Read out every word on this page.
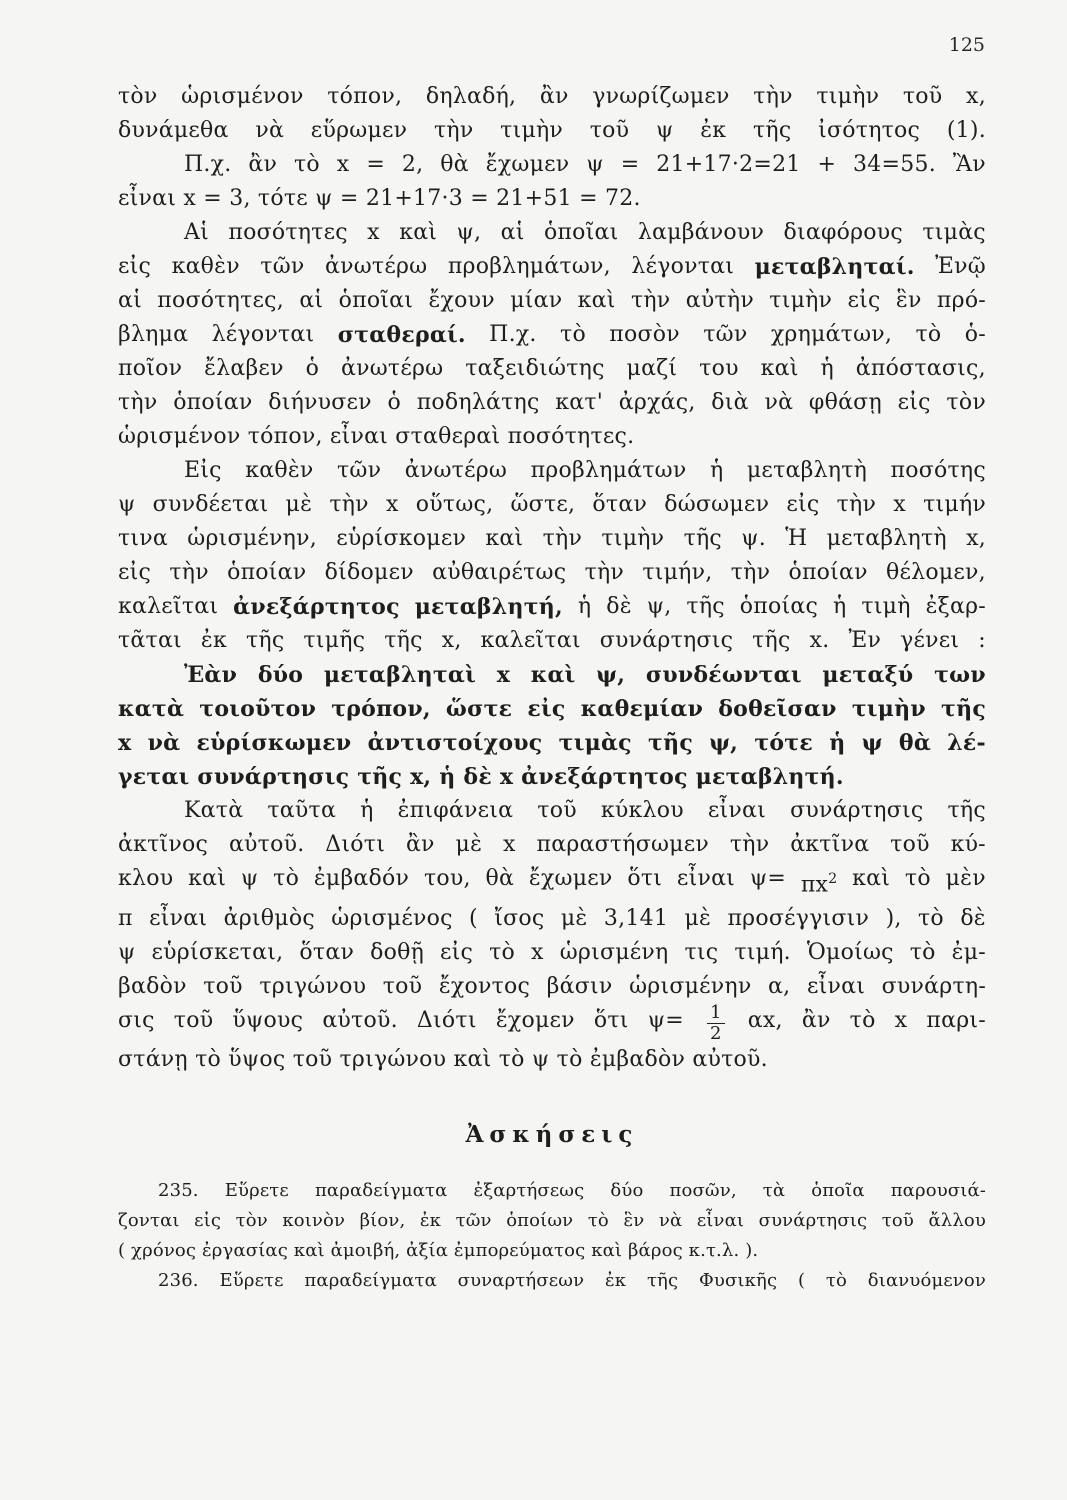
125
τὸν ὡρισμένον τόπον, δηλαδή, ἂν γνωρίζωμεν τὴν τιμὴν τοῦ x,
δυνάμεθα νὰ εὕρωμεν τὴν τιμὴν τοῦ ψ ἐκ τῆς ἰσότητος (1).
Π.χ. ἂν τὸ x = 2, θὰ ἔχωμεν ψ = 21+17·2=21 + 34=55. Ἂν
εἶναι x = 3, τότε ψ = 21+17·3 = 21+51 = 72.
Αἱ ποσότητες x καὶ ψ, αἱ ὁποῖαι λαμβάνουν διαφόρους τιμὰς
εἰς καθὲν τῶν ἀνωτέρω προβλημάτων, λέγονται μεταβληταί. Ἐνῷ
αἱ ποσότητες, αἱ ὁποῖαι ἔχουν μίαν καὶ τὴν αὐτὴν τιμὴν εἰς ἓν πρό-
βλημα λέγονται σταθεραί. Π.χ. τὸ ποσὸν τῶν χρημάτων, τὸ ὁ-
ποῖον ἔλαβεν ὁ ἀνωτέρω ταξειδιώτης μαζί του καὶ ἡ ἀπόστασις,
τὴν ὁποίαν διήνυσεν ὁ ποδηλάτης κατ' ἀρχάς, διὰ νὰ φθάσῃ εἰς τὸν
ὡρισμένον τόπον, εἶναι σταθεραὶ ποσότητες.
Εἰς καθὲν τῶν ἀνωτέρω προβλημάτων ἡ μεταβλητὴ ποσότης
ψ συνδέεται μὲ τὴν x οὕτως, ὥστε, ὅταν δώσωμεν εἰς τὴν x τιμήν
τινα ὡρισμένην, εὑρίσκομεν καὶ τὴν τιμὴν τῆς ψ. Ἡ μεταβλητὴ x,
εἰς τὴν ὁποίαν δίδομεν αὐθαιρέτως τὴν τιμήν, τὴν ὁποίαν θέλομεν,
καλεῖται ἀνεξάρτητος μεταβλητή, ἡ δὲ ψ, τῆς ὁποίας ἡ τιμὴ ἐξαρ-
τᾶται ἐκ τῆς τιμῆς τῆς x, καλεῖται συνάρτησις τῆς x. Ἐν γένει :
Ἐὰν δύο μεταβληταὶ x καὶ ψ, συνδέωνται μεταξύ των
κατὰ τοιοῦτον τρόπον, ὥστε εἰς καθεμίαν δοθεῖσαν τιμὴν τῆς
x νὰ εὑρίσκωμεν ἀντιστοίχους τιμὰς τῆς ψ, τότε ἡ ψ θὰ λέ-
γεται συνάρτησις τῆς x, ἡ δὲ x ἀνεξάρτητος μεταβλητή.
Κατὰ ταῦτα ἡ ἐπιφάνεια τοῦ κύκλου εἶναι συνάρτησις τῆς
ἀκτῖνος αὐτοῦ. Διότι ἂν μὲ x παραστήσωμεν τὴν ἀκτῖνα τοῦ κύ-
κλου καὶ ψ τὸ ἐμβαδόν του, θὰ ἔχωμεν ὅτι εἶναι $\psi= \pi x^2$ καὶ τὸ μὲν
π εἶναι ἀριθμὸς ὡρισμένος ( ἴσος μὲ 3,141 μὲ προσέγγισιν ), τὸ δὲ
ψ εὑρίσκεται, ὅταν δοθῇ εἰς τὸ x ὡρισμένη τις τιμή. Ὁμοίως τὸ ἐμ-
βαδὸν τοῦ τριγώνου τοῦ ἔχοντος βάσιν ὡρισμένην α, εἶναι συνάρτη-
σις τοῦ ὕψους αὐτοῦ. Διότι ἔχομεν ὅτι $\psi= \frac{1}{2} \alpha x$, ἂν τὸ x παρι-
στάνῃ τὸ ὕψος τοῦ τριγώνου καὶ τὸ ψ τὸ ἐμβαδὸν αὐτοῦ.
Ἀσκήσεις
235. Εὕρετε παραδείγματα ἐξαρτήσεως δύο ποσῶν, τὰ ὁποῖα παρουσιά-
ζονται εἰς τὸν κοινὸν βίον, ἐκ τῶν ὁποίων τὸ ἓν νὰ εἶναι συνάρτησις τοῦ ἄλλου
( χρόνος ἐργασίας καὶ ἀμοιβή, ἀξία ἐμπορεύματος καὶ βάρος κ.τ.λ. ).
236. Εὕρετε παραδείγματα συναρτήσεων ἐκ τῆς Φυσικῆς ( τὸ διανυόμενον
